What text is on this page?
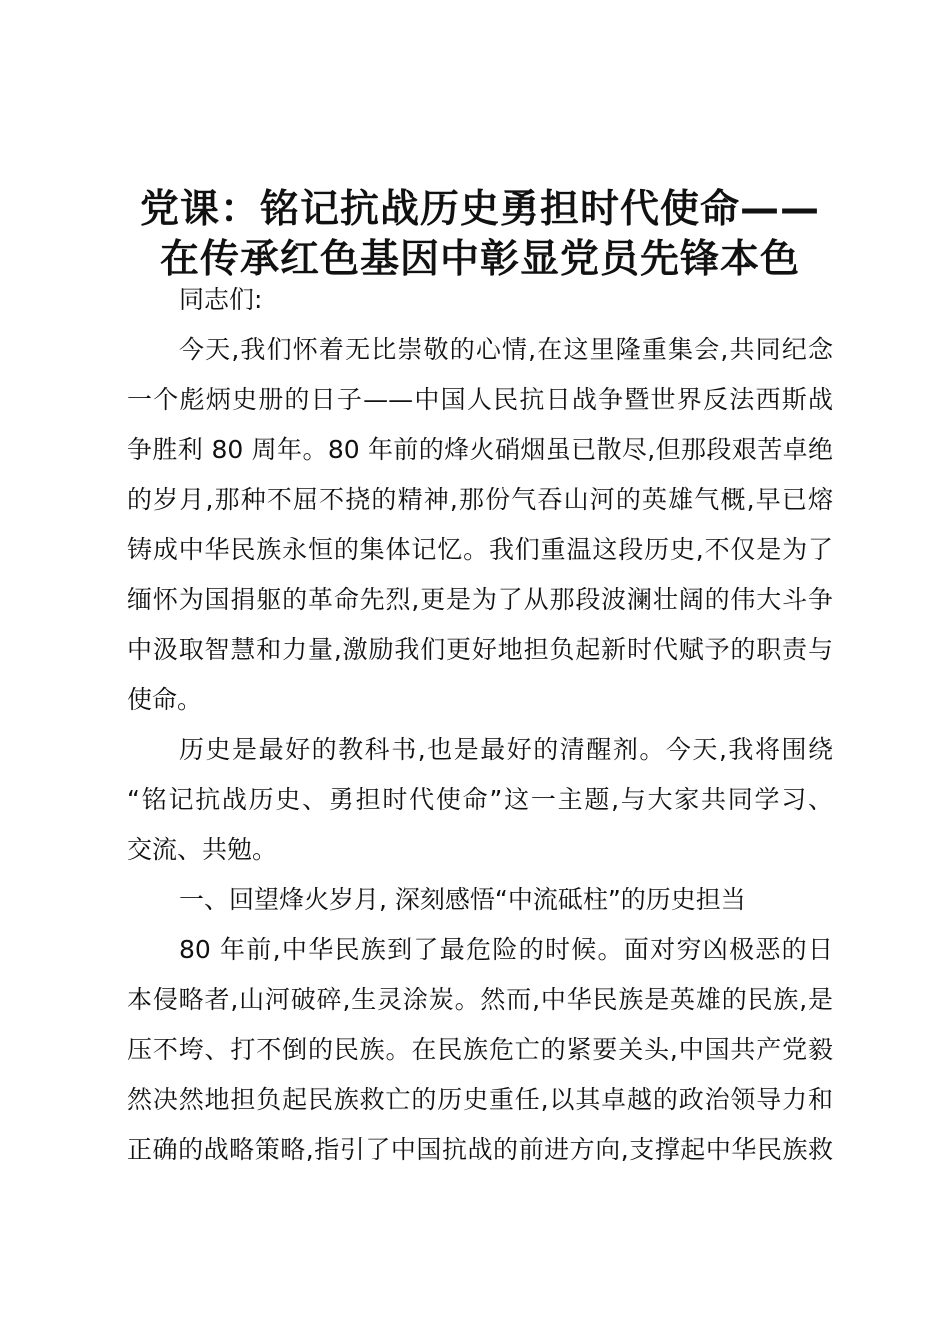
党课：铭记抗战历史勇担时代使命——
在传承红色基因中彰显党员先锋本色
同志们:
今天,我们怀着无比崇敬的心情,在这里隆重集会,共同纪念
一个彪炳史册的日子——中国人民抗日战争暨世界反法西斯战
争胜利 80 周年。80 年前的烽火硝烟虽已散尽,但那段艰苦卓绝
的岁月,那种不屈不挠的精神,那份气吞山河的英雄气概,早已熔
铸成中华民族永恒的集体记忆。我们重温这段历史,不仅是为了
缅怀为国捐躯的革命先烈,更是为了从那段波澜壮阔的伟大斗争
中汲取智慧和力量,激励我们更好地担负起新时代赋予的职责与
使命。
历史是最好的教科书,也是最好的清醒剂。今天,我将围绕
“铭记抗战历史、勇担时代使命”这一主题,与大家共同学习、
交流、共勉。
一、回望烽火岁月, 深刻感悟“中流砥柱”的历史担当
80 年前,中华民族到了最危险的时候。面对穷凶极恶的日
本侵略者,山河破碎,生灵涂炭。然而,中华民族是英雄的民族,是
压不垮、打不倒的民族。在民族危亡的紧要关头,中国共产党毅
然决然地担负起民族救亡的历史重任,以其卓越的政治领导力和
正确的战略策略,指引了中国抗战的前进方向,支撑起中华民族救
